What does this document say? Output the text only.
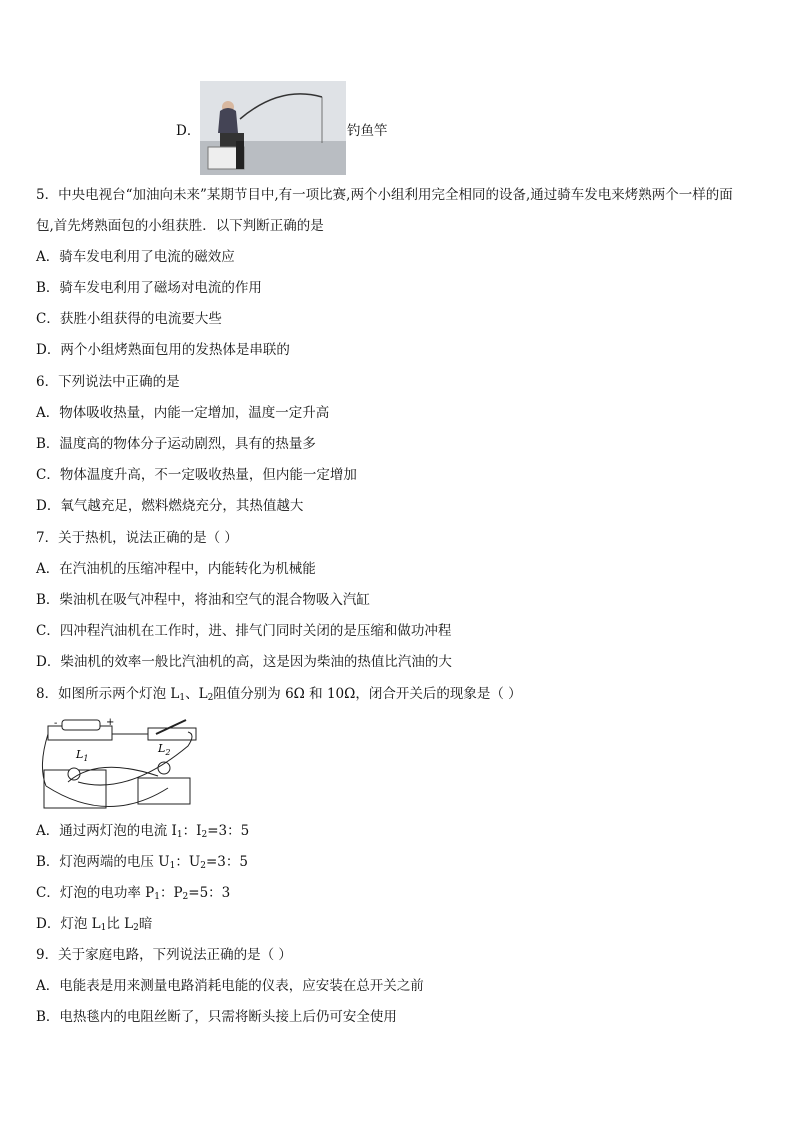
D．	钓鱼竿
5．中央电视台“加油向未来”某期节目中,有一项比赛,两个小组利用完全相同的设备,通过骑车发电来烤熟两个一样的面
包,首先烤熟面包的小组获胜．以下判断正确的是
A．骑车发电利用了电流的磁效应
B．骑车发电利用了磁场对电流的作用
C．获胜小组获得的电流要大些
D．两个小组烤熟面包用的发热体是串联的
6．下列说法中正确的是
A．物体吸收热量，内能一定增加，温度一定升高
B．温度高的物体分子运动剧烈，具有的热量多
C．物体温度升高，不一定吸收热量，但内能一定增加
D．氧气越充足，燃料燃烧充分，其热值越大
7．关于热机，说法正确的是（ ）
A．在汽油机的压缩冲程中，内能转化为机械能
B．柴油机在吸气冲程中，将油和空气的混合物吸入汽缸
C．四冲程汽油机在工作时，进、排气门同时关闭的是压缩和做功冲程
D．柴油机的效率一般比汽油机的高，这是因为柴油的热值比汽油的大
8．如图所示两个灯泡 $L_1$、$L_2$阻值分别为 6Ω 和 10Ω，闭合开关后的现象是（ ）
-	+
$L_1$
$L_2$
A．通过两灯泡的电流 $I_1$：$I_2=3$：5
B．灯泡两端的电压 $U_1$：$U_2=3$：5
C．灯泡的电功率 $P_1$：$P_2=5$：3
D．灯泡 $L_1$比 $L_2$暗
9．关于家庭电路，下列说法正确的是（ ）
A．电能表是用来测量电路消耗电能的仪表，应安装在总开关之前
B．电热毯内的电阻丝断了，只需将断头接上后仍可安全使用
